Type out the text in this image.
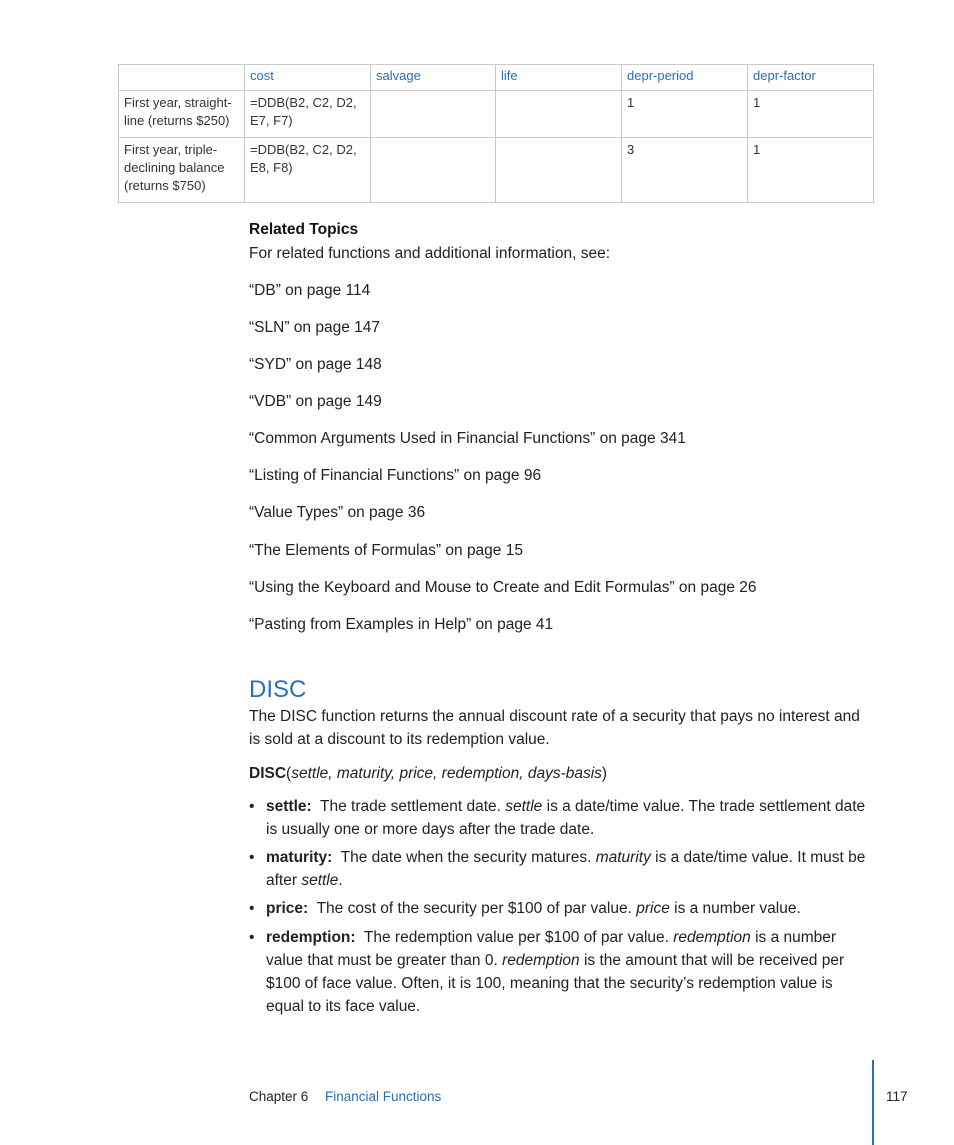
	cost	salvage	life	depr-period	depr-factor
First year, straight-line (returns $250)	=DDB(B2, C2, D2, E7, F7)			1	1
First year, triple-declining balance (returns $750)	=DDB(B2, C2, D2, E8, F8)			3	1
Related Topics
For related functions and additional information, see:
“DB” on page 114
“SLN” on page 147
“SYD” on page 148
“VDB” on page 149
“Common Arguments Used in Financial Functions” on page 341
“Listing of Financial Functions” on page 96
“Value Types” on page 36
“The Elements of Formulas” on page 15
“Using the Keyboard and Mouse to Create and Edit Formulas” on page 26
“Pasting from Examples in Help” on page 41
DISC
The DISC function returns the annual discount rate of a security that pays no interest and is sold at a discount to its redemption value.
DISC(settle, maturity, price, redemption, days-basis)
• settle: The trade settlement date. settle is a date/time value. The trade settlement date is usually one or more days after the trade date.
• maturity: The date when the security matures. maturity is a date/time value. It must be after settle.
• price: The cost of the security per $100 of par value. price is a number value.
• redemption: The redemption value per $100 of par value. redemption is a number value that must be greater than 0. redemption is the amount that will be received per $100 of face value. Often, it is 100, meaning that the security’s redemption value is equal to its face value.
Chapter 6 Financial Functions	117
